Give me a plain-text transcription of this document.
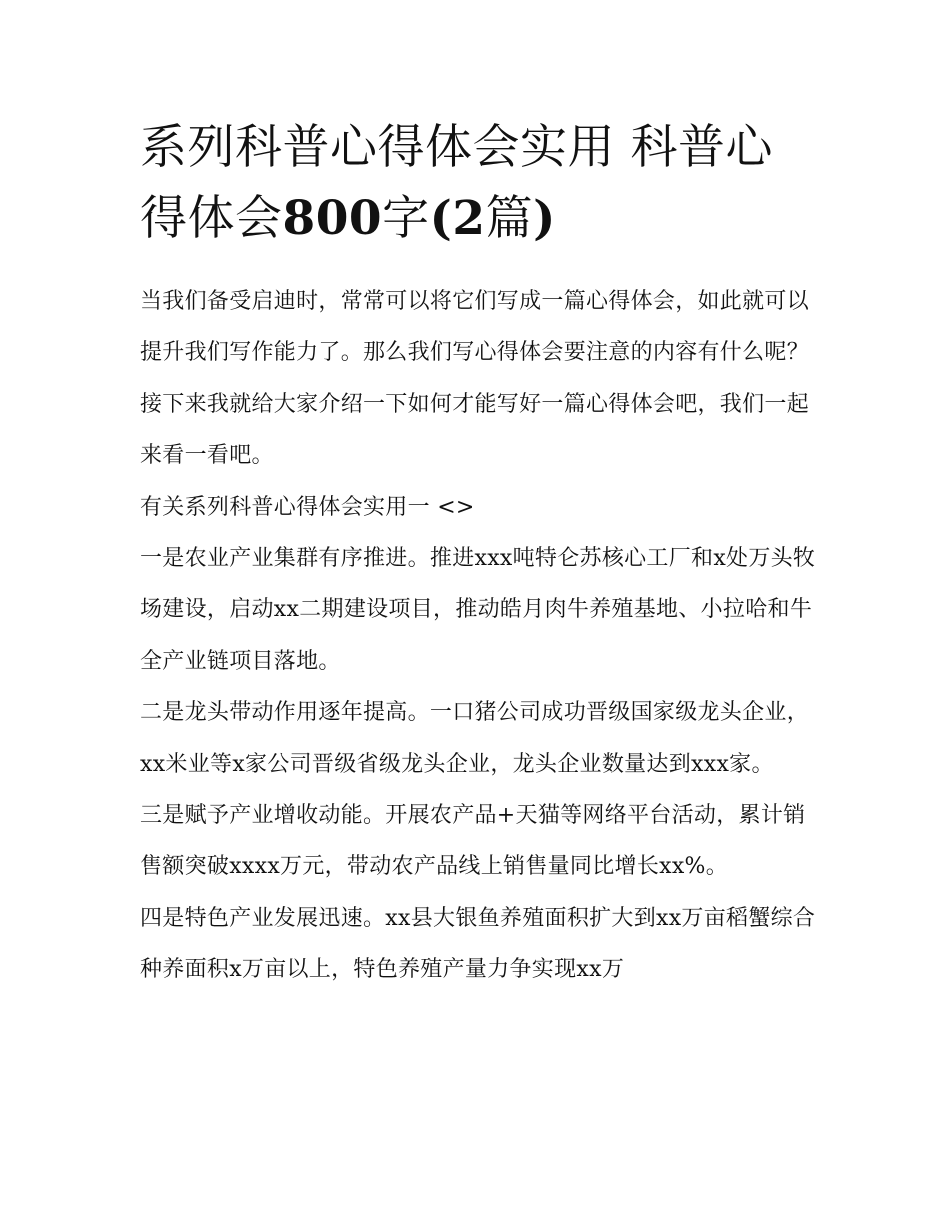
系列科普心得体会实用 科普心得体会800字(2篇)

当我们备受启迪时，常常可以将它们写成一篇心得体会，如此就可以提升我们写作能力了。那么我们写心得体会要注意的内容有什么呢？接下来我就给大家介绍一下如何才能写好一篇心得体会吧，我们一起来看一看吧。

有关系列科普心得体会实用一 <>

一是农业产业集群有序推进。推进xxx吨特仑苏核心工厂和x处万头牧场建设，启动xx二期建设项目，推动皓月肉牛养殖基地、小拉哈和牛全产业链项目落地。

二是龙头带动作用逐年提高。一口猪公司成功晋级国家级龙头企业，xx米业等x家公司晋级省级龙头企业，龙头企业数量达到xxx家。

三是赋予产业增收动能。开展农产品+天猫等网络平台活动，累计销售额突破xxxx万元，带动农产品线上销售量同比增长xx%。

四是特色产业发展迅速。xx县大银鱼养殖面积扩大到xx万亩稻蟹综合种养面积x万亩以上，特色养殖产量力争实现xx万
